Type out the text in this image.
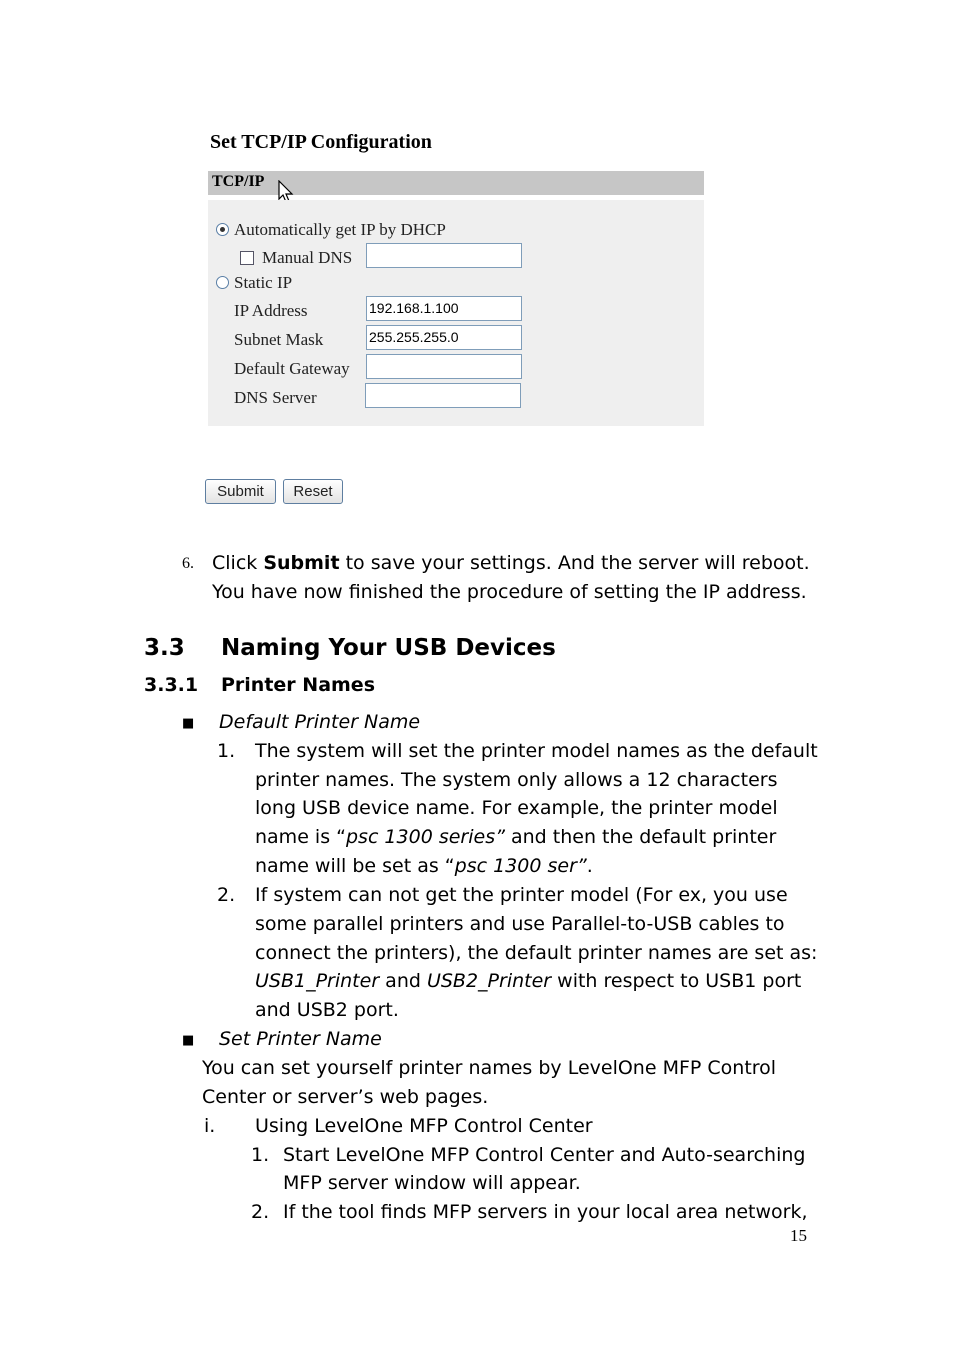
Set TCP/IP Configuration
TCP/IP
Automatically get IP by DHCP
Manual DNS
Static IP
IP Address	192.168.1.100
Subnet Mask	255.255.255.0
Default Gateway
DNS Server
Submit	Reset
6. Click Submit to save your settings. And the server will reboot.
You have now finished the procedure of setting the IP address.
3.3 Naming Your USB Devices
3.3.1 Printer Names
■ Default Printer Name
1. The system will set the printer model names as the default
printer names. The system only allows a 12 characters
long USB device name. For example, the printer model
name is “psc 1300 series” and then the default printer
name will be set as “psc 1300 ser”.
2. If system can not get the printer model (For ex, you use
some parallel printers and use Parallel-to-USB cables to
connect the printers), the default printer names are set as:
USB1_Printer and USB2_Printer with respect to USB1 port
and USB2 port.
■ Set Printer Name
You can set yourself printer names by LevelOne MFP Control
Center or server’s web pages.
i. Using LevelOne MFP Control Center
1. Start LevelOne MFP Control Center and Auto-searching
MFP server window will appear.
2. If the tool finds MFP servers in your local area network,
15
